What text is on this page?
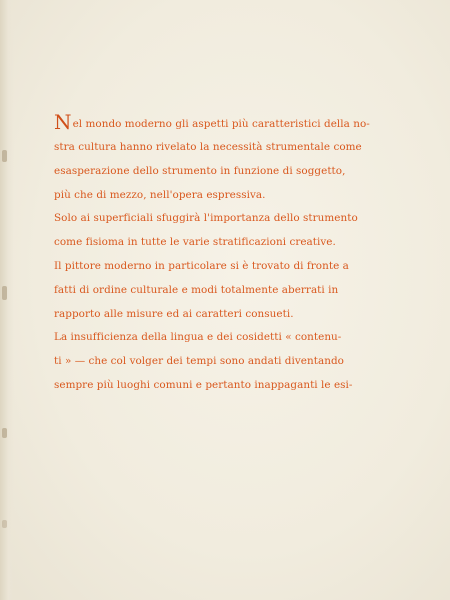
Nel mondo moderno gli aspetti più caratteristici della no-
stra cultura hanno rivelato la necessità strumentale come
esasperazione dello strumento in funzione di soggetto,
più che di mezzo, nell'opera espressiva.
Solo ai superficiali sfuggirà l'importanza dello strumento
come fisioma in tutte le varie stratificazioni creative.
Il pittore moderno in particolare si è trovato di fronte a
fatti di ordine culturale e modi totalmente aberrati in
rapporto alle misure ed ai caratteri consueti.
La insufficienza della lingua e dei cosidetti « contenu-
ti » — che col volger dei tempi sono andati diventando
sempre più luoghi comuni e pertanto inappaganti le esi-
